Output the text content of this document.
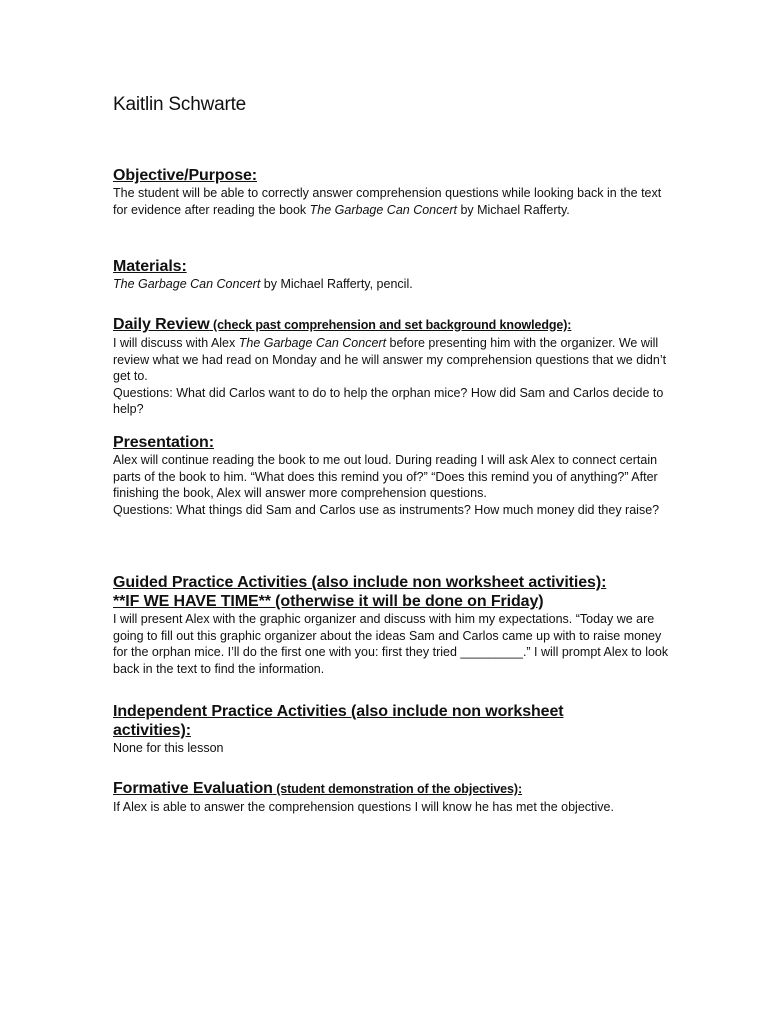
Kaitlin Schwarte
Objective/Purpose:
The student will be able to correctly answer comprehension questions while looking back in the text for evidence after reading the book The Garbage Can Concert by Michael Rafferty.
Materials:
The Garbage Can Concert by Michael Rafferty, pencil.
Daily Review (check past comprehension and set background knowledge):

I will discuss with Alex The Garbage Can Concert before presenting him with the organizer. We will review what we had read on Monday and he will answer my comprehension questions that we didn’t get to.

Questions: What did Carlos want to do to help the orphan mice? How did Sam and Carlos decide to help?

Presentation:

Alex will continue reading the book to me out loud. During reading I will ask Alex to connect certain parts of the book to him. “What does this remind you of?” “Does this remind you of anything?” After finishing the book, Alex will answer more comprehension questions.

Questions: What things did Sam and Carlos use as instruments? How much money did they raise?

Guided Practice Activities (also include non worksheet activities):
**IF WE HAVE TIME** (otherwise it will be done on Friday)
I will present Alex with the graphic organizer and discuss with him my expectations. “Today we are going to fill out this graphic organizer about the ideas Sam and Carlos came up with to raise money for the orphan mice. I’ll do the first one with you: first they tried _________.” I will prompt Alex to look back in the text to find the information.
Independent Practice Activities (also include non worksheet
activities):
None for this lesson
Formative Evaluation (student demonstration of the objectives):
If Alex is able to answer the comprehension questions I will know he has met the objective.
